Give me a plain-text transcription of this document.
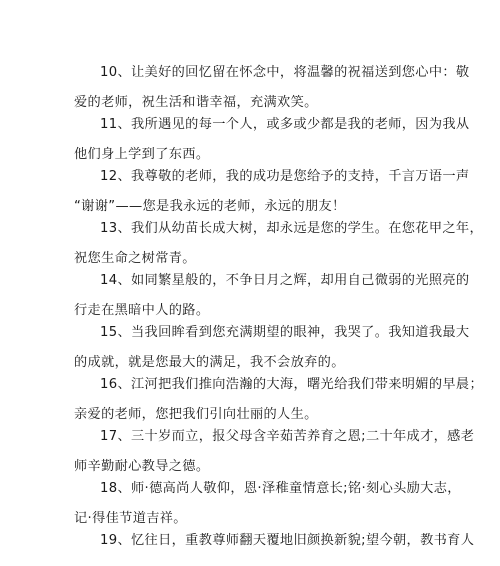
10、让美好的回忆留在怀念中，将温馨的祝福送到您心中：敬
爱的老师，祝生活和谐幸福，充满欢笑。
11、我所遇见的每一个人，或多或少都是我的老师，因为我从
他们身上学到了东西。
12、我尊敬的老师，我的成功是您给予的支持，千言万语一声
“谢谢”——您是我永远的老师，永远的朋友！
13、我们从幼苗长成大树，却永远是您的学生。在您花甲之年，
祝您生命之树常青。
14、如同繁星般的，不争日月之辉，却用自己微弱的光照亮的
行走在黑暗中人的路。
15、当我回眸看到您充满期望的眼神，我哭了。我知道我最大
的成就，就是您最大的满足，我不会放弃的。
16、江河把我们推向浩瀚的大海，曙光给我们带来明媚的早晨；
亲爱的老师，您把我们引向壮丽的人生。
17、三十岁而立，报父母含辛茹苦养育之恩;二十年成才，感老
师辛勤耐心教导之德。
18、师·德高尚人敬仰，恩·泽稚童情意长;铭·刻心头励大志，
记·得佳节道吉祥。
19、忆往日，重教尊师翻天覆地旧颜换新貌;望今朝，教书育人
